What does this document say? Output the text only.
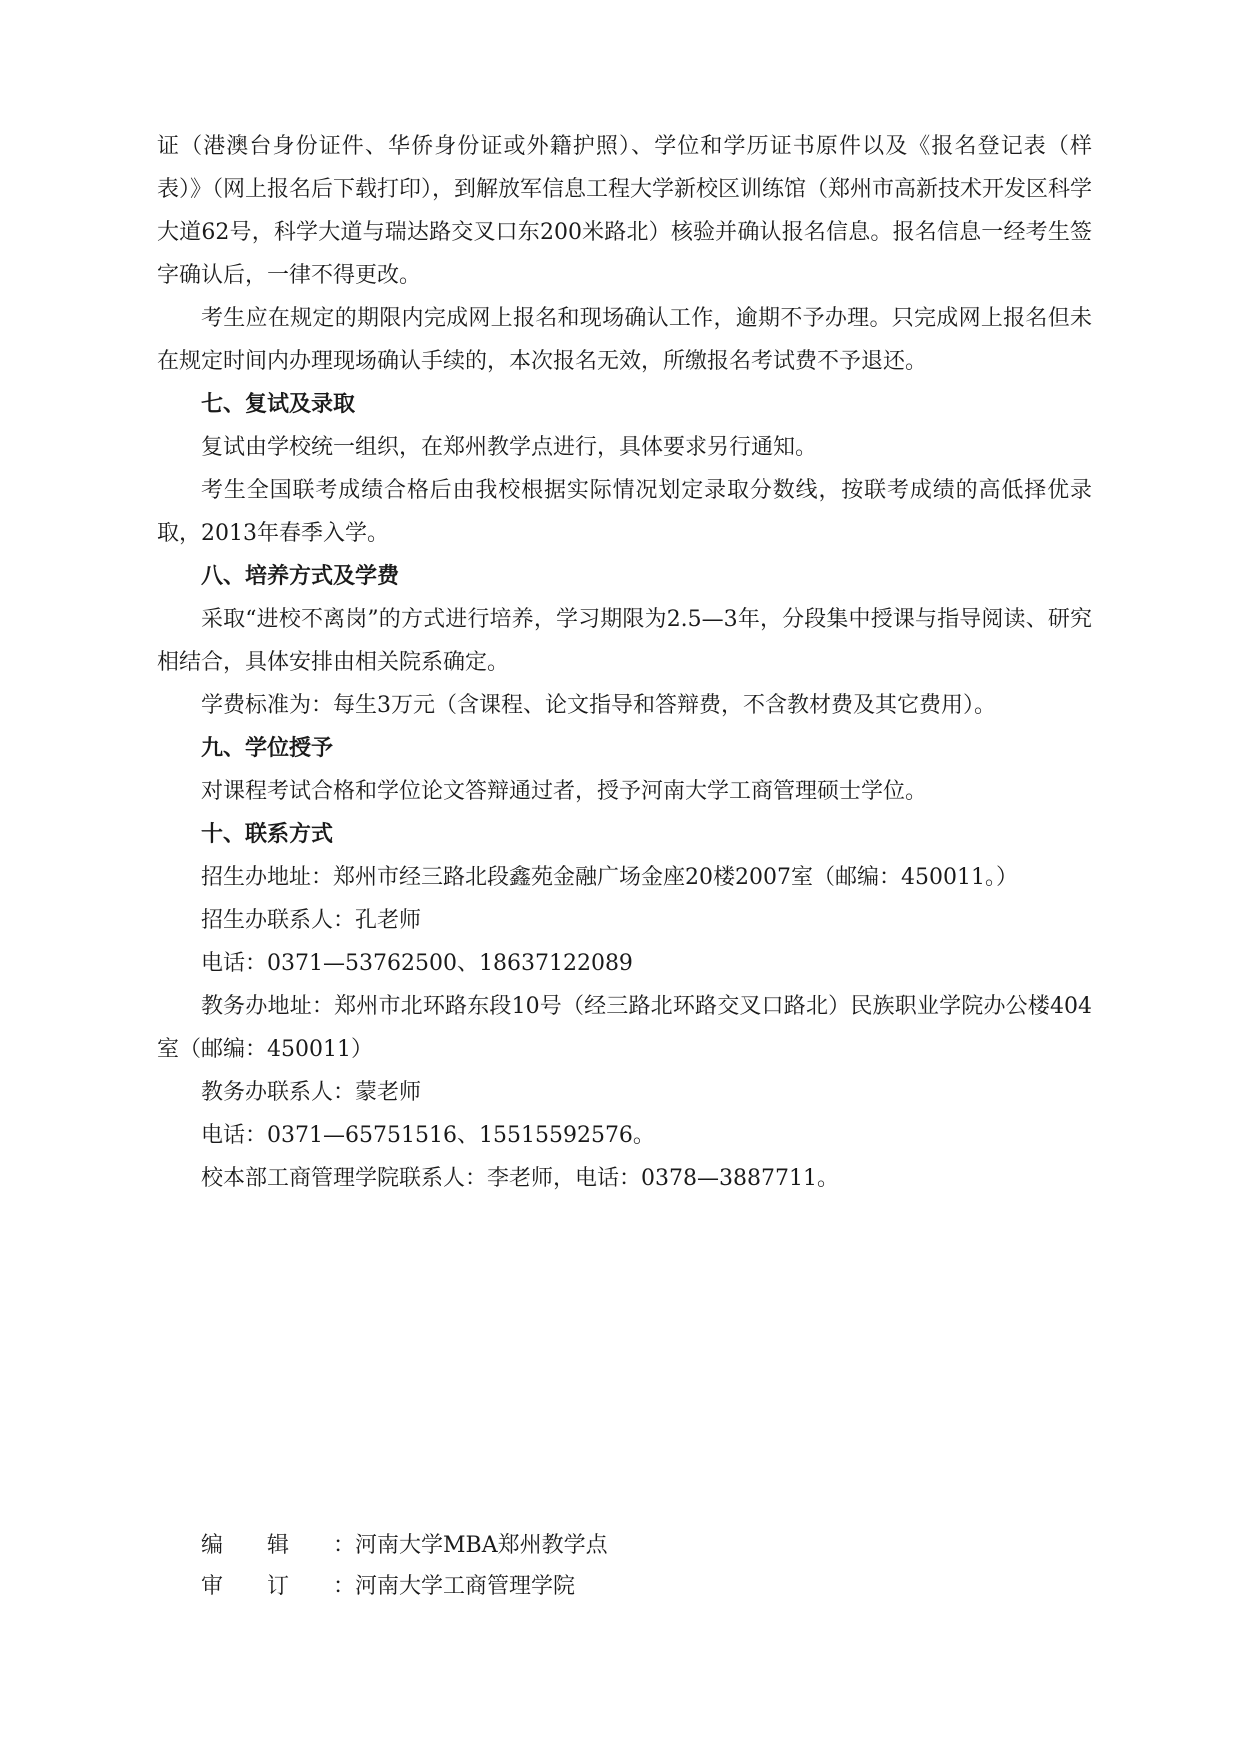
证（港澳台身份证件、华侨身份证或外籍护照）、学位和学历证书原件以及《报名登记表（样表）》（网上报名后下载打印），到解放军信息工程大学新校区训练馆（郑州市高新技术开发区科学大道62号，科学大道与瑞达路交叉口东200米路北）核验并确认报名信息。报名信息一经考生签字确认后，一律不得更改。

考生应在规定的期限内完成网上报名和现场确认工作，逾期不予办理。只完成网上报名但未在规定时间内办理现场确认手续的，本次报名无效，所缴报名考试费不予退还。

七、复试及录取

复试由学校统一组织，在郑州教学点进行，具体要求另行通知。

考生全国联考成绩合格后由我校根据实际情况划定录取分数线，按联考成绩的高低择优录取，2013年春季入学。

八、培养方式及学费

采取“进校不离岗”的方式进行培养，学习期限为2.5—3年，分段集中授课与指导阅读、研究相结合，具体安排由相关院系确定。

学费标准为：每生3万元（含课程、论文指导和答辩费，不含教材费及其它费用）。

九、学位授予

对课程考试合格和学位论文答辩通过者，授予河南大学工商管理硕士学位。

十、联系方式

招生办地址：郑州市经三路北段鑫苑金融广场金座20楼2007室（邮编：450011。）

招生办联系人：孔老师

电话：0371—53762500、18637122089

教务办地址：郑州市北环路东段10号（经三路北环路交叉口路北）民族职业学院办公楼404室（邮编：450011）

教务办联系人：蒙老师

电话：0371—65751516、15515592576。

校本部工商管理学院联系人：李老师，电话：0378—3887711。

编辑：河南大学MBA郑州教学点
审订：河南大学工商管理学院
